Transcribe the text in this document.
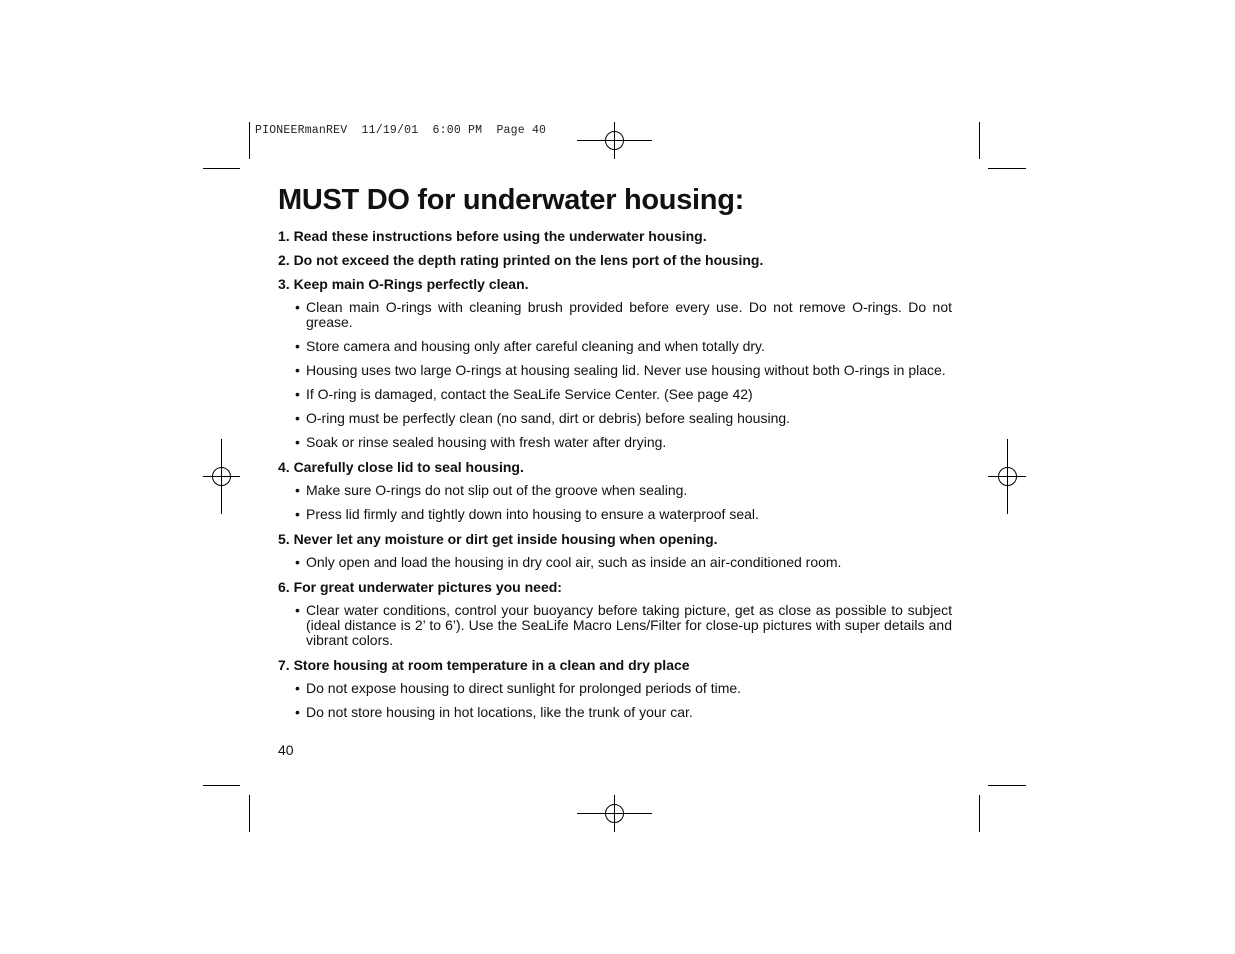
PIONEERmanREV  11/19/01  6:00 PM  Page 40
MUST DO for underwater housing:

1. Read these instructions before using the underwater housing.

2. Do not exceed the depth rating printed on the lens port of the housing.

3. Keep main O-Rings perfectly clean.

• Clean main O-rings with cleaning brush provided before every use. Do not remove O-rings. Do not grease.
• Store camera and housing only after careful cleaning and when totally dry.
• Housing uses two large O-rings at housing sealing lid. Never use housing without both O-rings in place.
• If O-ring is damaged, contact the SeaLife Service Center. (See page 42)
• O-ring must be perfectly clean (no sand, dirt or debris) before sealing housing.
• Soak or rinse sealed housing with fresh water after drying.

4. Carefully close lid to seal housing.

• Make sure O-rings do not slip out of the groove when sealing.
• Press lid firmly and tightly down into housing to ensure a waterproof seal.

5. Never let any moisture or dirt get inside housing when opening.

• Only open and load the housing in dry cool air, such as inside an air-conditioned room.

6. For great underwater pictures you need:

• Clear water conditions, control your buoyancy before taking picture, get as close as possible to subject (ideal distance is 2’ to 6’). Use the SeaLife Macro Lens/Filter for close-up pictures with super details and vibrant colors.

7. Store housing at room temperature in a clean and dry place

• Do not expose housing to direct sunlight for prolonged periods of time.
• Do not store housing in hot locations, like the trunk of your car.
40
